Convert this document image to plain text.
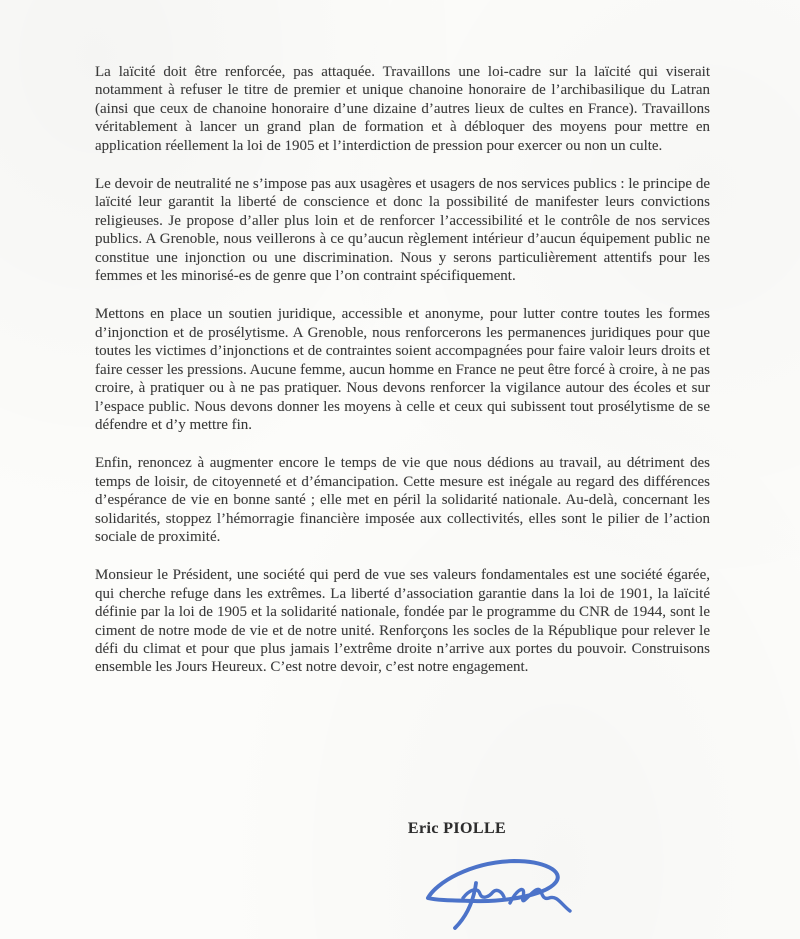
La laïcité doit être renforcée, pas attaquée. Travaillons une loi-cadre sur la laïcité qui viserait notamment à refuser le titre de premier et unique chanoine honoraire de l’archibasilique du Latran (ainsi que ceux de chanoine honoraire d’une dizaine d’autres lieux de cultes en France). Travaillons véritablement à lancer un grand plan de formation et à débloquer des moyens pour mettre en application réellement la loi de 1905 et l’interdiction de pression pour exercer ou non un culte.

Le devoir de neutralité ne s’impose pas aux usagères et usagers de nos services publics : le principe de laïcité leur garantit la liberté de conscience et donc la possibilité de manifester leurs convictions religieuses. Je propose d’aller plus loin et de renforcer l’accessibilité et le contrôle de nos services publics. A Grenoble, nous veillerons à ce qu’aucun règlement intérieur d’aucun équipement public ne constitue une injonction ou une discrimination. Nous y serons particulièrement attentifs pour les femmes et les minorisé-es de genre que l’on contraint spécifiquement.

Mettons en place un soutien juridique, accessible et anonyme, pour lutter contre toutes les formes d’injonction et de prosélytisme. A Grenoble, nous renforcerons les permanences juridiques pour que toutes les victimes d’injonctions et de contraintes soient accompagnées pour faire valoir leurs droits et faire cesser les pressions. Aucune femme, aucun homme en France ne peut être forcé à croire, à ne pas croire, à pratiquer ou à ne pas pratiquer. Nous devons renforcer la vigilance autour des écoles et sur l’espace public. Nous devons donner les moyens à celle et ceux qui subissent tout prosélytisme de se défendre et d’y mettre fin.

Enfin, renoncez à augmenter encore le temps de vie que nous dédions au travail, au détriment des temps de loisir, de citoyenneté et d’émancipation. Cette mesure est inégale au regard des différences d’espérance de vie en bonne santé ; elle met en péril la solidarité nationale. Au-delà, concernant les solidarités, stoppez l’hémorragie financière imposée aux collectivités, elles sont le pilier de l’action sociale de proximité.

Monsieur le Président, une société qui perd de vue ses valeurs fondamentales est une société égarée, qui cherche refuge dans les extrêmes. La liberté d’association garantie dans la loi de 1901, la laïcité définie par la loi de 1905 et la solidarité nationale, fondée par le programme du CNR de 1944, sont le ciment de notre mode de vie et de notre unité. Renforçons les socles de la République pour relever le défi du climat et pour que plus jamais l’extrême droite n’arrive aux portes du pouvoir. Construisons ensemble les Jours Heureux. C’est notre devoir, c’est notre engagement.

Eric PIOLLE
